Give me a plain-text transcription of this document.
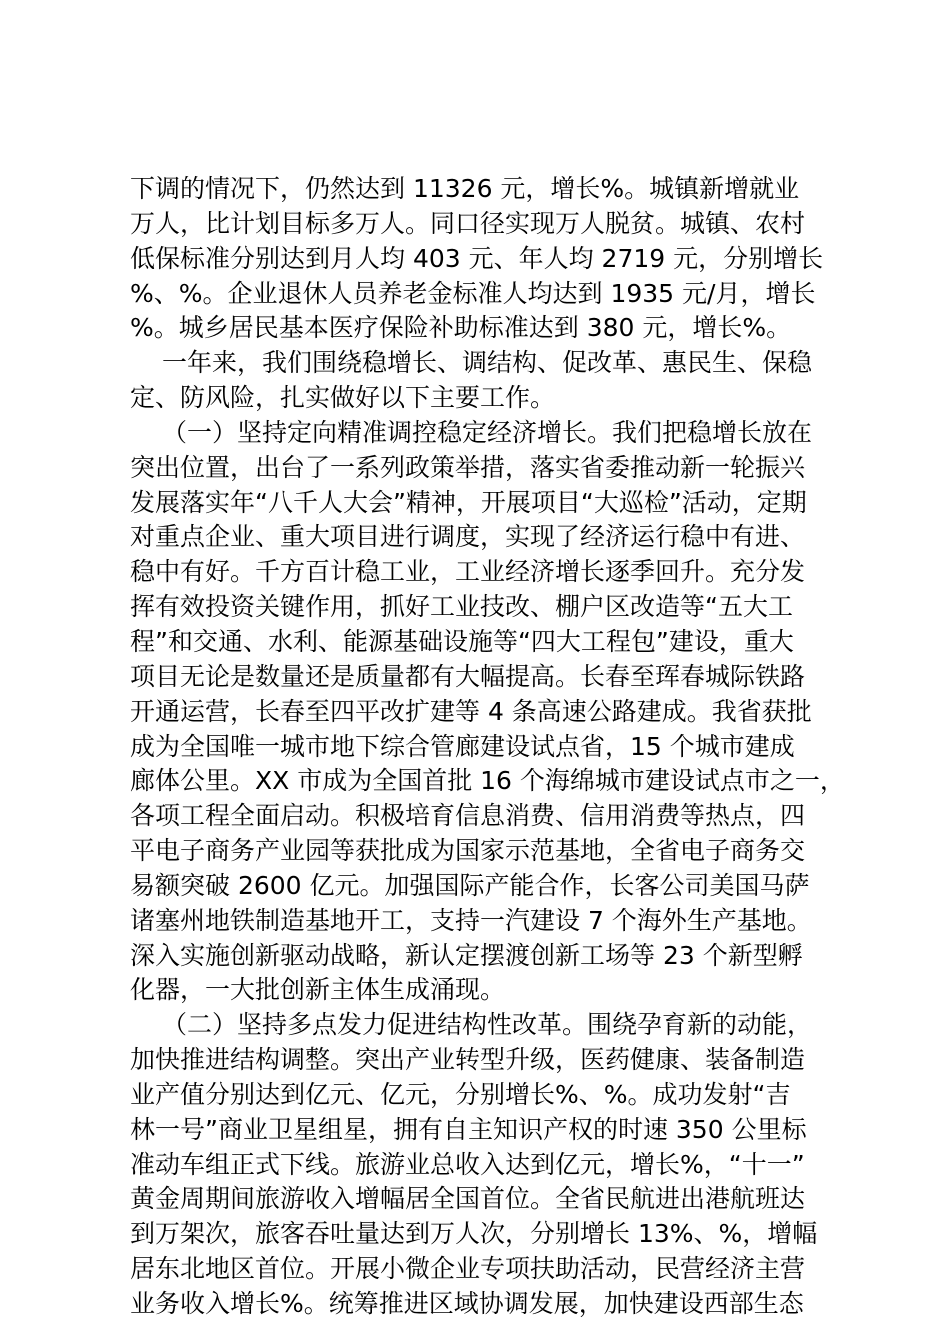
下调的情况下，仍然达到 11326 元，增长%。城镇新增就业
万人，比计划目标多万人。同口径实现万人脱贫。城镇、农村
低保标准分别达到月人均 403 元、年人均 2719 元，分别增长
%、%。企业退休人员养老金标准人均达到 1935 元/月，增长
%。城乡居民基本医疗保险补助标准达到 380 元，增长%。
一年来，我们围绕稳增长、调结构、促改革、惠民生、保稳
定、防风险，扎实做好以下主要工作。
（一）坚持定向精准调控稳定经济增长。我们把稳增长放在
突出位置，出台了一系列政策举措，落实省委推动新一轮振兴
发展落实年“八千人大会”精神，开展项目“大巡检”活动，定期
对重点企业、重大项目进行调度，实现了经济运行稳中有进、
稳中有好。千方百计稳工业，工业经济增长逐季回升。充分发
挥有效投资关键作用，抓好工业技改、棚户区改造等“五大工
程”和交通、水利、能源基础设施等“四大工程包”建设，重大
项目无论是数量还是质量都有大幅提高。长春至珲春城际铁路
开通运营，长春至四平改扩建等 4 条高速公路建成。我省获批
成为全国唯一城市地下综合管廊建设试点省，15 个城市建成
廊体公里。XX 市成为全国首批 16 个海绵城市建设试点市之一，
各项工程全面启动。积极培育信息消费、信用消费等热点，四
平电子商务产业园等获批成为国家示范基地，全省电子商务交
易额突破 2600 亿元。加强国际产能合作，长客公司美国马萨
诸塞州地铁制造基地开工，支持一汽建设 7 个海外生产基地。
深入实施创新驱动战略，新认定摆渡创新工场等 23 个新型孵
化器，一大批创新主体生成涌现。
（二）坚持多点发力促进结构性改革。围绕孕育新的动能，
加快推进结构调整。突出产业转型升级，医药健康、装备制造
业产值分别达到亿元、亿元，分别增长%、%。成功发射“吉
林一号”商业卫星组星，拥有自主知识产权的时速 350 公里标
准动车组正式下线。旅游业总收入达到亿元，增长%，“十一”
黄金周期间旅游收入增幅居全国首位。全省民航进出港航班达
到万架次，旅客吞吐量达到万人次，分别增长 13%、%，增幅
居东北地区首位。开展小微企业专项扶助活动，民营经济主营
业务收入增长%。统筹推进区域协调发展，加快建设西部生态
